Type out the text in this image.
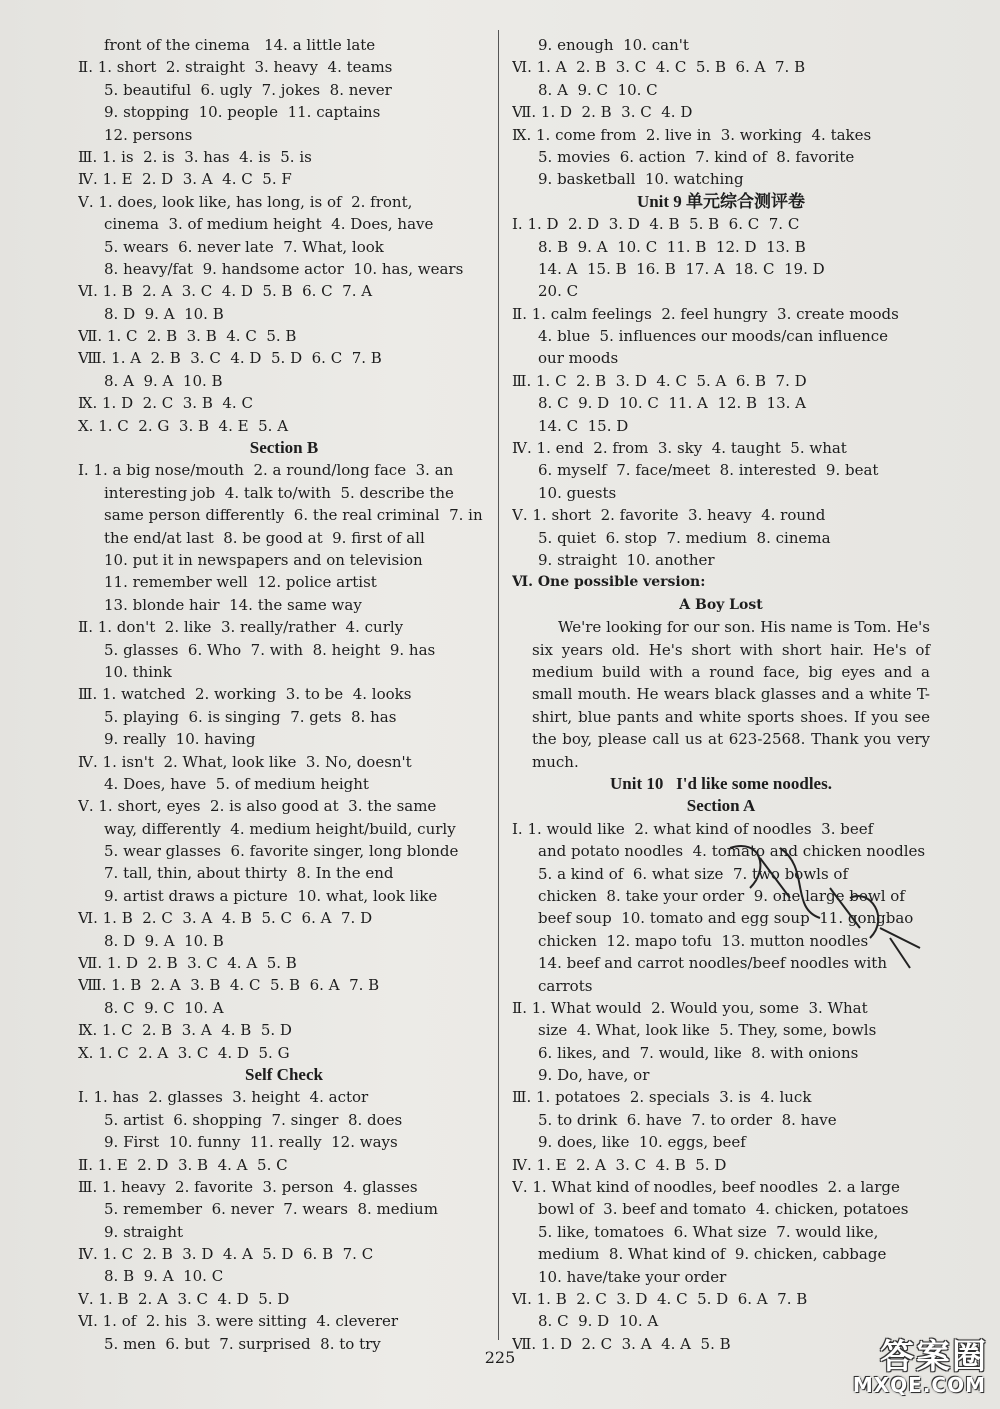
front of the cinema   14. a little late
Ⅱ. 1. short  2. straight  3. heavy  4. teams
5. beautiful  6. ugly  7. jokes  8. never
9. stopping  10. people  11. captains
12. persons
Ⅲ. 1. is  2. is  3. has  4. is  5. is
Ⅳ. 1. E  2. D  3. A  4. C  5. F
Ⅴ. 1. does, look like, has long, is of  2. front,
cinema  3. of medium height  4. Does, have
5. wears  6. never late  7. What, look
8. heavy/fat  9. handsome actor  10. has, wears
Ⅵ. 1. B  2. A  3. C  4. D  5. B  6. C  7. A
8. D  9. A  10. B
Ⅶ. 1. C  2. B  3. B  4. C  5. B
Ⅷ. 1. A  2. B  3. C  4. D  5. D  6. C  7. B
8. A  9. A  10. B
Ⅸ. 1. D  2. C  3. B  4. C
Ⅹ. 1. C  2. G  3. B  4. E  5. A
Section B
Ⅰ. 1. a big nose/mouth  2. a round/long face  3. an
interesting job  4. talk to/with  5. describe the
same person differently  6. the real criminal  7. in
the end/at last  8. be good at  9. first of all
10. put it in newspapers and on television
11. remember well  12. police artist
13. blonde hair  14. the same way
Ⅱ. 1. don't  2. like  3. really/rather  4. curly
5. glasses  6. Who  7. with  8. height  9. has
10. think
Ⅲ. 1. watched  2. working  3. to be  4. looks
5. playing  6. is singing  7. gets  8. has
9. really  10. having
Ⅳ. 1. isn't  2. What, look like  3. No, doesn't
4. Does, have  5. of medium height
Ⅴ. 1. short, eyes  2. is also good at  3. the same
way, differently  4. medium height/build, curly
5. wear glasses  6. favorite singer, long blonde
7. tall, thin, about thirty  8. In the end
9. artist draws a picture  10. what, look like
Ⅵ. 1. B  2. C  3. A  4. B  5. C  6. A  7. D
8. D  9. A  10. B
Ⅶ. 1. D  2. B  3. C  4. A  5. B
Ⅷ. 1. B  2. A  3. B  4. C  5. B  6. A  7. B
8. C  9. C  10. A
Ⅸ. 1. C  2. B  3. A  4. B  5. D
Ⅹ. 1. C  2. A  3. C  4. D  5. G
Self Check
Ⅰ. 1. has  2. glasses  3. height  4. actor
5. artist  6. shopping  7. singer  8. does
9. First  10. funny  11. really  12. ways
Ⅱ. 1. E  2. D  3. B  4. A  5. C
Ⅲ. 1. heavy  2. favorite  3. person  4. glasses
5. remember  6. never  7. wears  8. medium
9. straight
Ⅳ. 1. C  2. B  3. D  4. A  5. D  6. B  7. C
8. B  9. A  10. C
Ⅴ. 1. B  2. A  3. C  4. D  5. D
Ⅵ. 1. of  2. his  3. were sitting  4. cleverer
5. men  6. but  7. surprised  8. to try
9. enough  10. can't
Ⅵ. 1. A  2. B  3. C  4. C  5. B  6. A  7. B
8. A  9. C  10. C
Ⅶ. 1. D  2. B  3. C  4. D
Ⅸ. 1. come from  2. live in  3. working  4. takes
5. movies  6. action  7. kind of  8. favorite
9. basketball  10. watching
Unit 9 单元综合测评卷
Ⅰ. 1. D  2. D  3. D  4. B  5. B  6. C  7. C
8. B  9. A  10. C  11. B  12. D  13. B
14. A  15. B  16. B  17. A  18. C  19. D
20. C
Ⅱ. 1. calm feelings  2. feel hungry  3. create moods
4. blue  5. influences our moods/can influence
our moods
Ⅲ. 1. C  2. B  3. D  4. C  5. A  6. B  7. D
8. C  9. D  10. C  11. A  12. B  13. A
14. C  15. D
Ⅳ. 1. end  2. from  3. sky  4. taught  5. what
6. myself  7. face/meet  8. interested  9. beat
10. guests
Ⅴ. 1. short  2. favorite  3. heavy  4. round
5. quiet  6. stop  7. medium  8. cinema
9. straight  10. another
Ⅵ. One possible version:
A Boy Lost
We're looking for our son. His name is Tom. He's six years old. He's short with short hair. He's of medium build with a round face, big eyes and a small mouth. He wears black glasses and a white T-shirt, blue pants and white sports shoes. If you see the boy, please call us at 623-2568. Thank you very much.
Unit 10   I'd like some noodles.
Section A
Ⅰ. 1. would like  2. what kind of noodles  3. beef
and potato noodles  4. tomato and chicken noodles
5. a kind of  6. what size  7. two bowls of
chicken  8. take your order  9. one large bowl of
beef soup  10. tomato and egg soup  11. gongbao
chicken  12. mapo tofu  13. mutton noodles
14. beef and carrot noodles/beef noodles with
carrots
Ⅱ. 1. What would  2. Would you, some  3. What
size  4. What, look like  5. They, some, bowls
6. likes, and  7. would, like  8. with onions
9. Do, have, or
Ⅲ. 1. potatoes  2. specials  3. is  4. luck
5. to drink  6. have  7. to order  8. have
9. does, like  10. eggs, beef
Ⅳ. 1. E  2. A  3. C  4. B  5. D
Ⅴ. 1. What kind of noodles, beef noodles  2. a large
bowl of  3. beef and tomato  4. chicken, potatoes
5. like, tomatoes  6. What size  7. would like,
medium  8. What kind of  9. chicken, cabbage
10. have/take your order
Ⅵ. 1. B  2. C  3. D  4. C  5. D  6. A  7. B
8. C  9. D  10. A
Ⅶ. 1. D  2. C  3. A  4. A  5. B
225	答案圈
MXQE.COM
